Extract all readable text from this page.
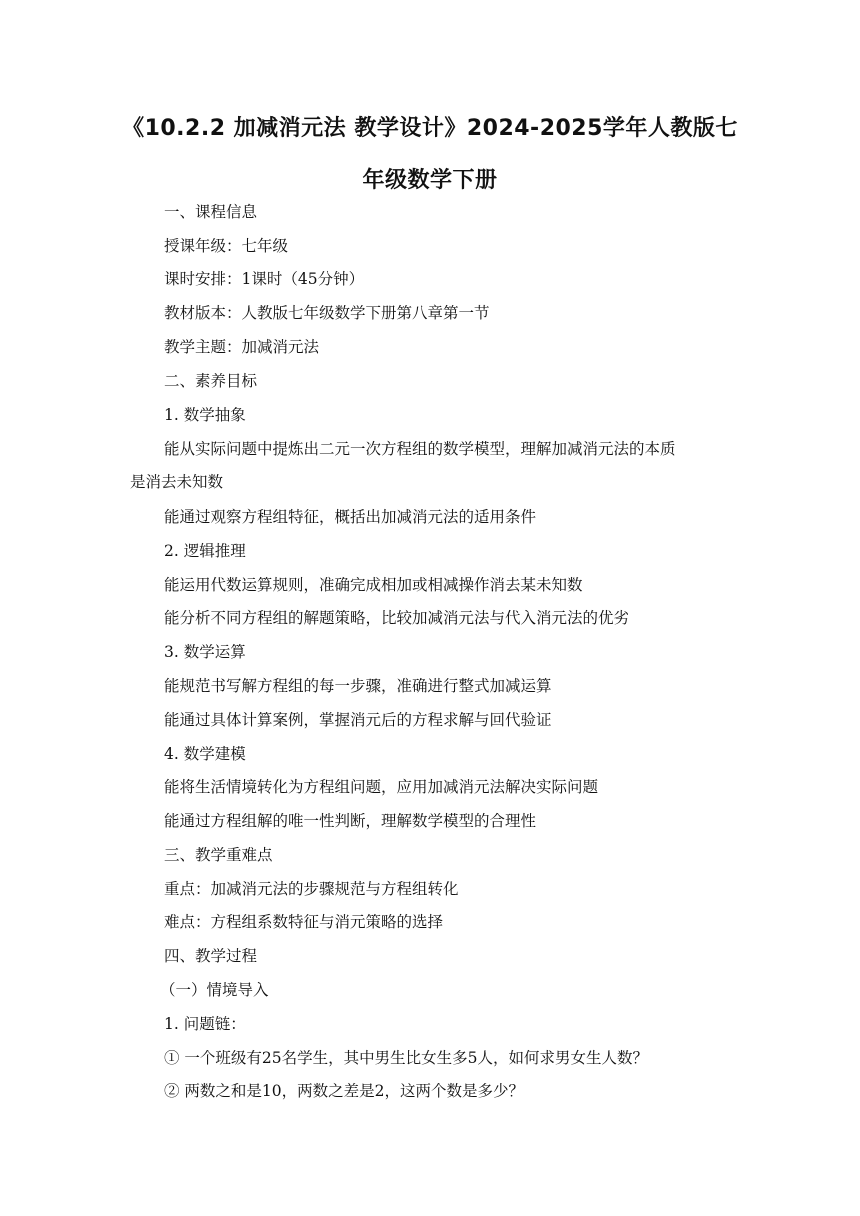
《10.2.2 加减消元法 教学设计》2024-2025学年人教版七
年级数学下册
一、课程信息
授课年级：七年级
课时安排：1课时（45分钟）
教材版本：人教版七年级数学下册第八章第一节
教学主题：加减消元法
二、素养目标
1. 数学抽象
能从实际问题中提炼出二元一次方程组的数学模型，理解加减消元法的本质
是消去未知数
能通过观察方程组特征，概括出加减消元法的适用条件
2. 逻辑推理
能运用代数运算规则，准确完成相加或相减操作消去某未知数
能分析不同方程组的解题策略，比较加减消元法与代入消元法的优劣
3. 数学运算
能规范书写解方程组的每一步骤，准确进行整式加减运算
能通过具体计算案例，掌握消元后的方程求解与回代验证
4. 数学建模
能将生活情境转化为方程组问题，应用加减消元法解决实际问题
能通过方程组解的唯一性判断，理解数学模型的合理性
三、教学重难点
重点：加减消元法的步骤规范与方程组转化
难点：方程组系数特征与消元策略的选择
四、教学过程
（一）情境导入
1. 问题链：
① 一个班级有25名学生，其中男生比女生多5人，如何求男女生人数？
② 两数之和是10，两数之差是2，这两个数是多少？
